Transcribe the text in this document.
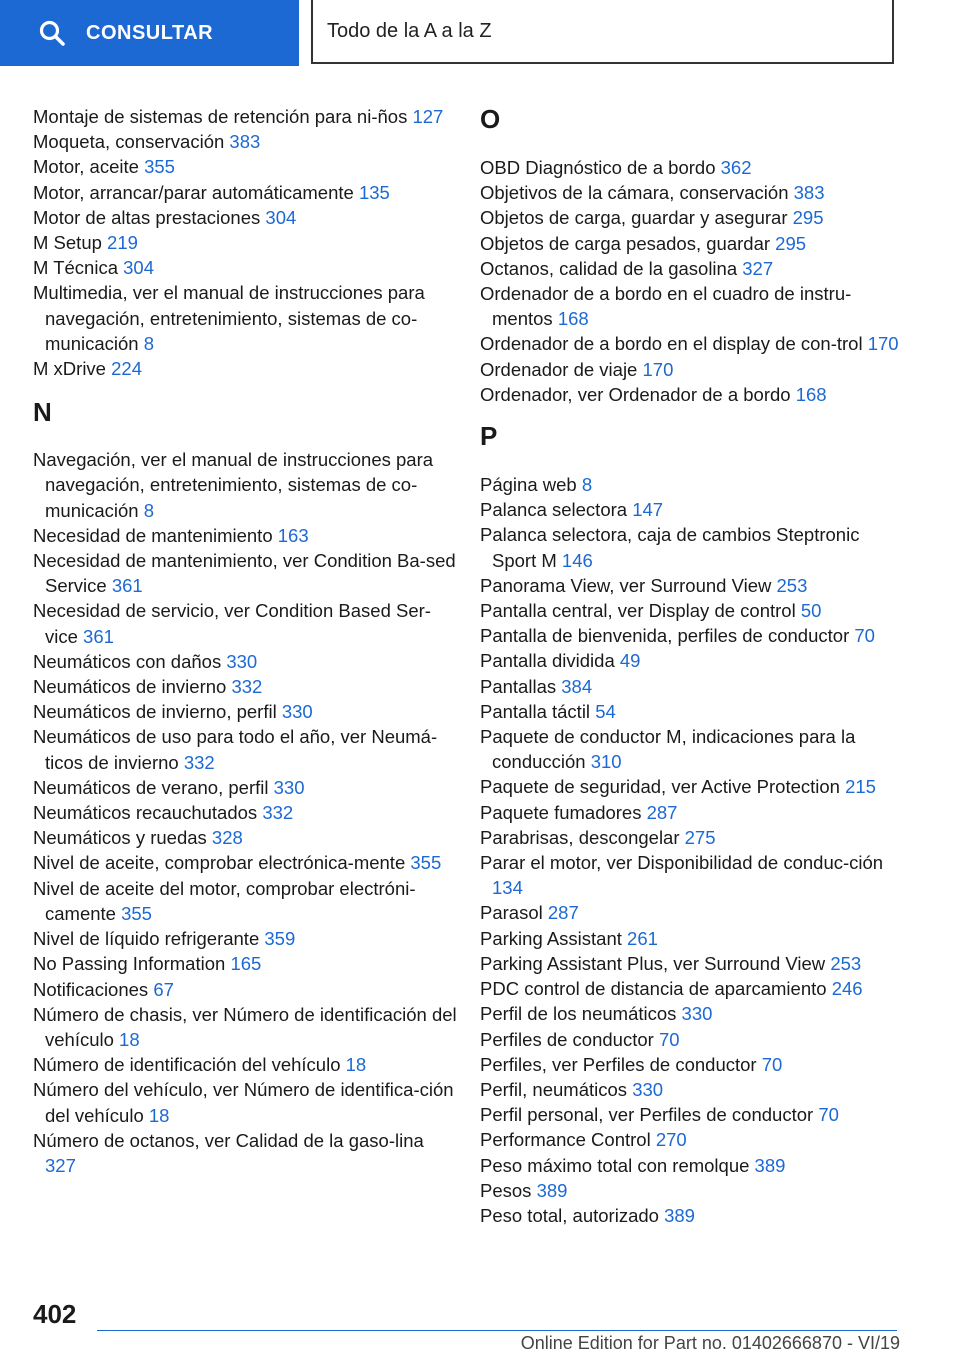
CONSULTAR	Todo de la A a la Z
Montaje de sistemas de retención para ni-ños 127
Moqueta, conservación 383
Motor, aceite 355
Motor, arrancar/parar automáticamente 135
Motor de altas prestaciones 304
M Setup 219
M Técnica 304
Multimedia, ver el manual de instrucciones para navegación, entretenimiento, sistemas de co-municación 8
M xDrive 224
N
Navegación, ver el manual de instrucciones para navegación, entretenimiento, sistemas de co-municación 8
Necesidad de mantenimiento 163
Necesidad de mantenimiento, ver Condition Ba-sed Service 361
Necesidad de servicio, ver Condition Based Ser-vice 361
Neumáticos con daños 330
Neumáticos de invierno 332
Neumáticos de invierno, perfil 330
Neumáticos de uso para todo el año, ver Neumá-ticos de invierno 332
Neumáticos de verano, perfil 330
Neumáticos recauchutados 332
Neumáticos y ruedas 328
Nivel de aceite, comprobar electrónica-mente 355
Nivel de aceite del motor, comprobar electróni-camente 355
Nivel de líquido refrigerante 359
No Passing Information 165
Notificaciones 67
Número de chasis, ver Número de identificación del vehículo 18
Número de identificación del vehículo 18
Número del vehículo, ver Número de identifica-ción del vehículo 18
Número de octanos, ver Calidad de la gaso-lina 327
O
OBD Diagnóstico de a bordo 362
Objetivos de la cámara, conservación 383
Objetos de carga, guardar y asegurar 295
Objetos de carga pesados, guardar 295
Octanos, calidad de la gasolina 327
Ordenador de a bordo en el cuadro de instru-mentos 168
Ordenador de a bordo en el display de con-trol 170
Ordenador de viaje 170
Ordenador, ver Ordenador de a bordo 168
P
Página web 8
Palanca selectora 147
Palanca selectora, caja de cambios Steptronic Sport M 146
Panorama View, ver Surround View 253
Pantalla central, ver Display de control 50
Pantalla de bienvenida, perfiles de conductor 70
Pantalla dividida 49
Pantallas 384
Pantalla táctil 54
Paquete de conductor M, indicaciones para la conducción 310
Paquete de seguridad, ver Active Protection 215
Paquete fumadores 287
Parabrisas, descongelar 275
Parar el motor, ver Disponibilidad de conduc-ción 134
Parasol 287
Parking Assistant 261
Parking Assistant Plus, ver Surround View 253
PDC control de distancia de aparcamiento 246
Perfil de los neumáticos 330
Perfiles de conductor 70
Perfiles, ver Perfiles de conductor 70
Perfil, neumáticos 330
Perfil personal, ver Perfiles de conductor 70
Performance Control 270
Peso máximo total con remolque 389
Pesos 389
Peso total, autorizado 389
402
Online Edition for Part no. 01402666870 - VI/19
